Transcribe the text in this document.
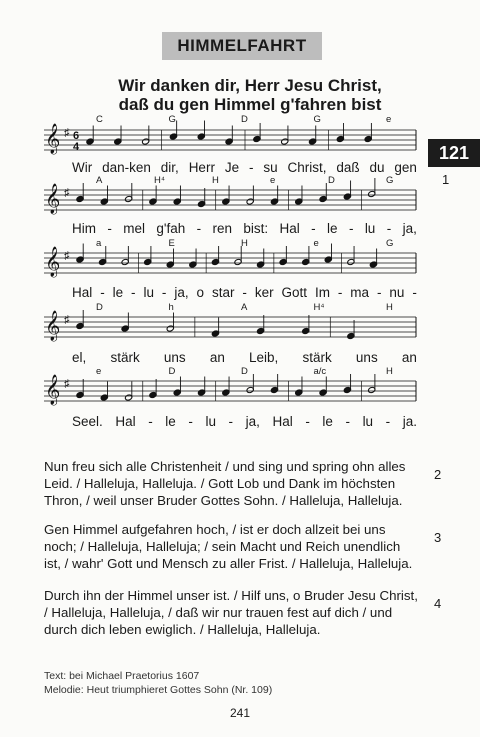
HIMMELFAHRT
Wir danken dir, Herr Jesu Christ,
daß du gen Himmel g'fahren bist
121
1
𝄞 ♯ 6
4
𝄞 ♯
𝄞 ♯
𝄞 ♯
𝄞 ♯
C	G	D	G	e
A	H⁴	H	e	D	G
a	E	H	e	G
D	h	A	H⁴	H
e	D	D	a/c	H
Wir dan-ken dir, Herr Je - su Christ, daß du gen
Him - mel g'fah - ren bist: Hal - le - lu - ja,
Hal - le - lu - ja, o star - ker Gott Im - ma - nu -
el, stärk uns an Leib, stärk uns an
Seel. Hal - le - lu - ja, Hal - le - lu - ja.
Nun freu sich alle Christenheit / und sing und spring ohn alles Leid. / Halleluja, Halleluja. / Gott Lob und Dank im höchsten Thron, / weil unser Bruder Gottes Sohn. / Halleluja, Halleluja.
2
Gen Himmel aufgefahren hoch, / ist er doch allzeit bei uns noch; / Halleluja, Halleluja; / sein Macht und Reich unendlich ist, / wahr' Gott und Mensch zu aller Frist. / Halleluja, Halleluja.
3
Durch ihn der Himmel unser ist. / Hilf uns, o Bruder Jesu Christ, / Halleluja, Halleluja, / daß wir nur trauen fest auf dich / und durch dich leben ewiglich. / Halleluja, Halleluja.
4
Text: bei Michael Praetorius 1607
Melodie: Heut triumphieret Gottes Sohn (Nr. 109)
241
